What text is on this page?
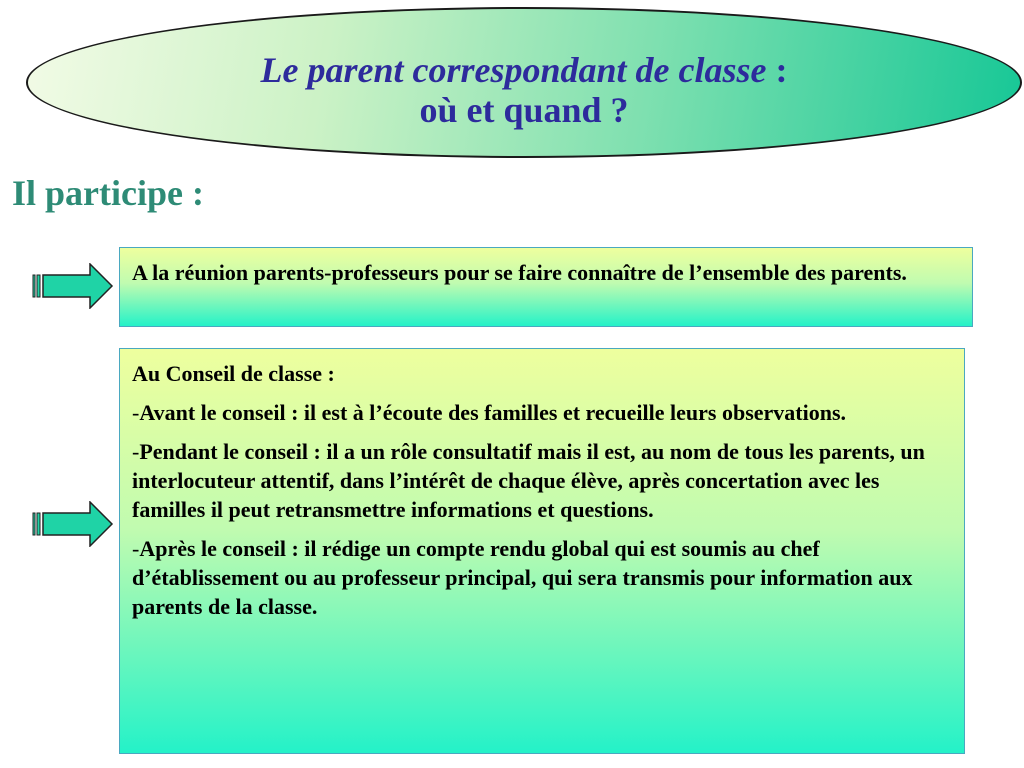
Le parent correspondant de classe :
où et quand ?
Il participe :

A la réunion parents-professeurs pour se faire connaître de l’ensemble des parents.

Au Conseil de classe :

-Avant le conseil : il est à l’écoute des familles et recueille leurs observations.

-Pendant le conseil : il a un rôle consultatif mais il est, au nom de tous les parents, un interlocuteur attentif, dans l’intérêt de chaque élève, après concertation avec les familles il peut retransmettre informations et questions.

-Après le conseil : il rédige un compte rendu global qui est soumis au chef d’établissement ou au professeur principal, qui sera transmis pour information aux parents de la classe.
